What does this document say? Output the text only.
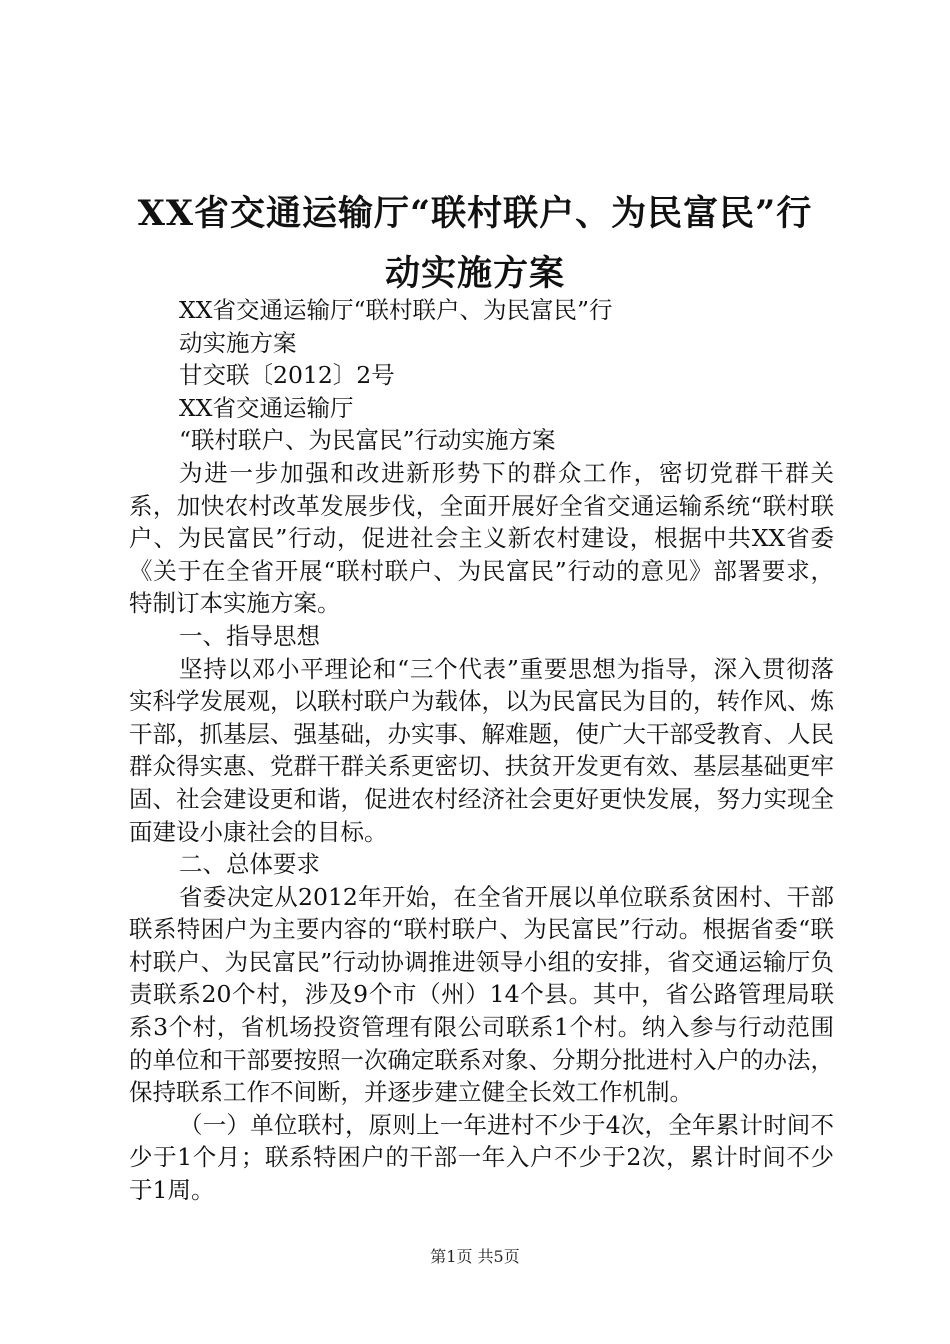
XX省交通运输厅“联村联户、为民富民”行
动实施方案

XX省交通运输厅“联村联户、为民富民”行

动实施方案

甘交联〔2012〕2号

XX省交通运输厅

“联村联户、为民富民”行动实施方案

为进一步加强和改进新形势下的群众工作，密切党群干群关系，加快农村改革发展步伐，全面开展好全省交通运输系统“联村联户、为民富民”行动，促进社会主义新农村建设，根据中共XX省委《关于在全省开展“联村联户、为民富民”行动的意见》部署要求，特制订本实施方案。

一、指导思想

坚持以邓小平理论和“三个代表”重要思想为指导，深入贯彻落实科学发展观，以联村联户为载体，以为民富民为目的，转作风、炼干部，抓基层、强基础，办实事、解难题，使广大干部受教育、人民群众得实惠、党群干群关系更密切、扶贫开发更有效、基层基础更牢固、社会建设更和谐，促进农村经济社会更好更快发展，努力实现全面建设小康社会的目标。

二、总体要求

省委决定从2012年开始，在全省开展以单位联系贫困村、干部联系特困户为主要内容的“联村联户、为民富民”行动。根据省委“联村联户、为民富民”行动协调推进领导小组的安排，省交通运输厅负责联系20个村，涉及9个市（州）14个县。其中，省公路管理局联系3个村，省机场投资管理有限公司联系1个村。纳入参与行动范围的单位和干部要按照一次确定联系对象、分期分批进村入户的办法，保持联系工作不间断，并逐步建立健全长效工作机制。

（一）单位联村，原则上一年进村不少于4次，全年累计时间不少于1个月；联系特困户的干部一年入户不少于2次，累计时间不少于1周。

第1页 共5页
